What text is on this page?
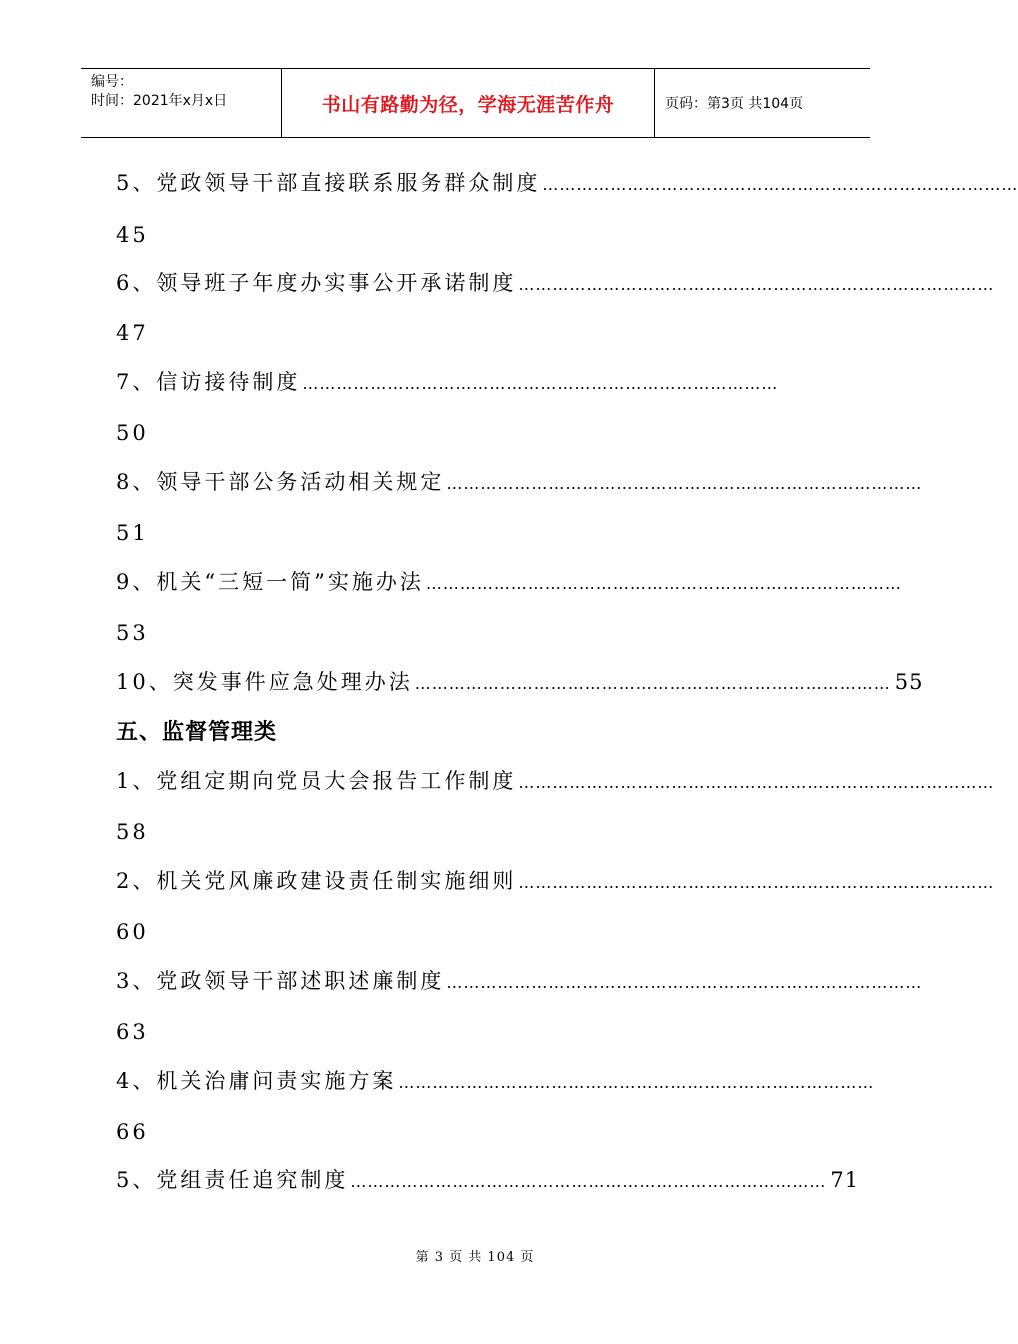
编号：
时间：2021年x月x日	书山有路勤为径，学海无涯苦作舟	页码：第3页 共104页
5、党政领导干部直接联系服务群众制度 …………………………………………………………………………
45
6、领导班子年度办实事公开承诺制度 …………………………………………………………………………
47
7、信访接待制度 …………………………………………………………………………
50
8、领导干部公务活动相关规定 …………………………………………………………………………
51
9、机关“三短一简”实施办法 …………………………………………………………………………
53
10、突发事件应急处理办法 ………………………………………………………………………… 55
五、监督管理类
1、党组定期向党员大会报告工作制度 …………………………………………………………………………
58
2、机关党风廉政建设责任制实施细则 …………………………………………………………………………
60
3、党政领导干部述职述廉制度 …………………………………………………………………………
63
4、机关治庸问责实施方案 …………………………………………………………………………
66
5、党组责任追究制度 ………………………………………………………………………… 71
第 3 页 共 104 页
